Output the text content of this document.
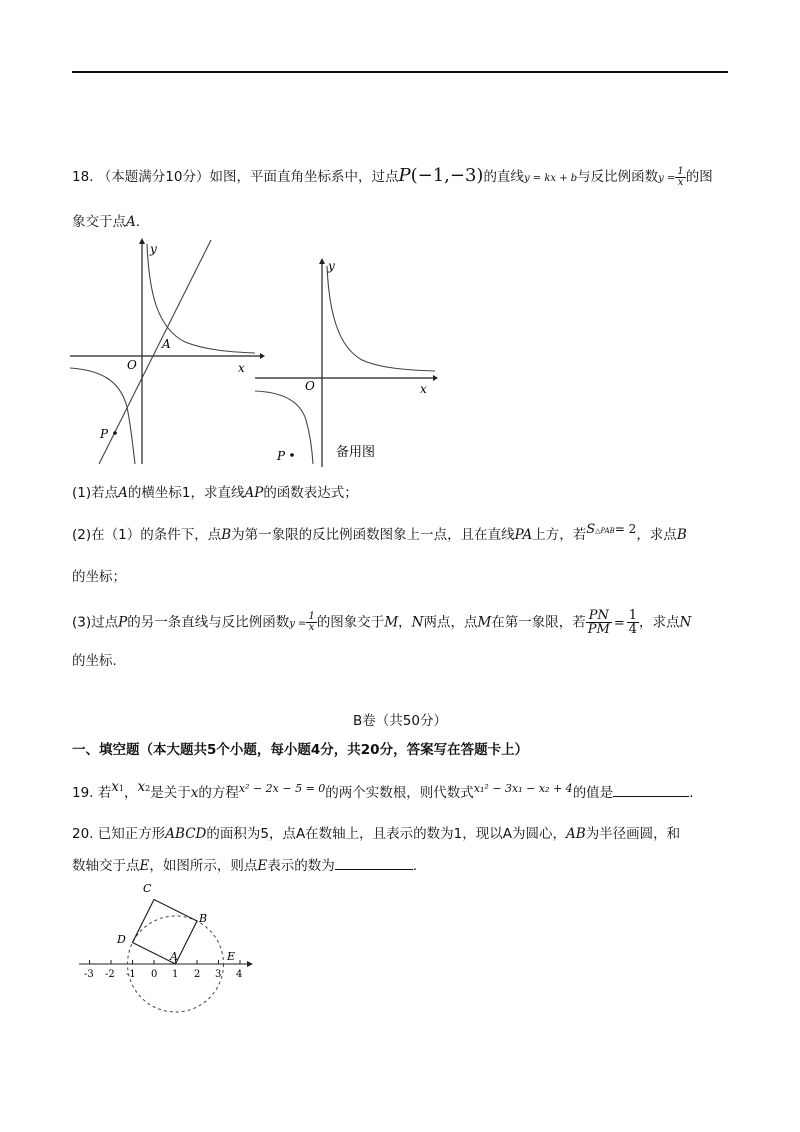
18. （本题满分10分）如图，平面直角坐标系中，过点P(−1,−3)的直线y = kx + b与反比例函数$y = \frac{1}{x}$ 的图
象交于点A.
P
y
x
O
A
P
y
x
O
备用图
(1)若点A的横坐标1，求直线AP的函数表达式；
(2)在（1）的条件下，点B为第一象限的反比例函数图象上一点，且在直线PA上方，若S△PAB= 2，求点B
的坐标；
(3)过点P的另一条直线与反比例函数$y = \frac{1}{x}$ 的图象交于M，N两点，点M在第一象限，若 $\frac{PN}{PM} = \frac{1}{4}$ ，求点N
的坐标.
B卷（共50分）
一、填空题（本大题共5个小题，每小题4分，共20分，答案写在答题卡上）
19. 若x1，x2是关于x的方程$^{x^2 - 2x - 5 = 0}$的两个实数根，则代数式$^{x_1^2 - 3x_1 - x_2 + 4}$的值是	.
20. 已知正方形ABCD的面积为5，点A在数轴上，且表示的数为1，现以A为圆心，AB为半径画圆，和
数轴交于点E，如图所示，则点E表示的数为	.
-3 -2 -1 0 1 2 3 4
C
B
D
A	E
